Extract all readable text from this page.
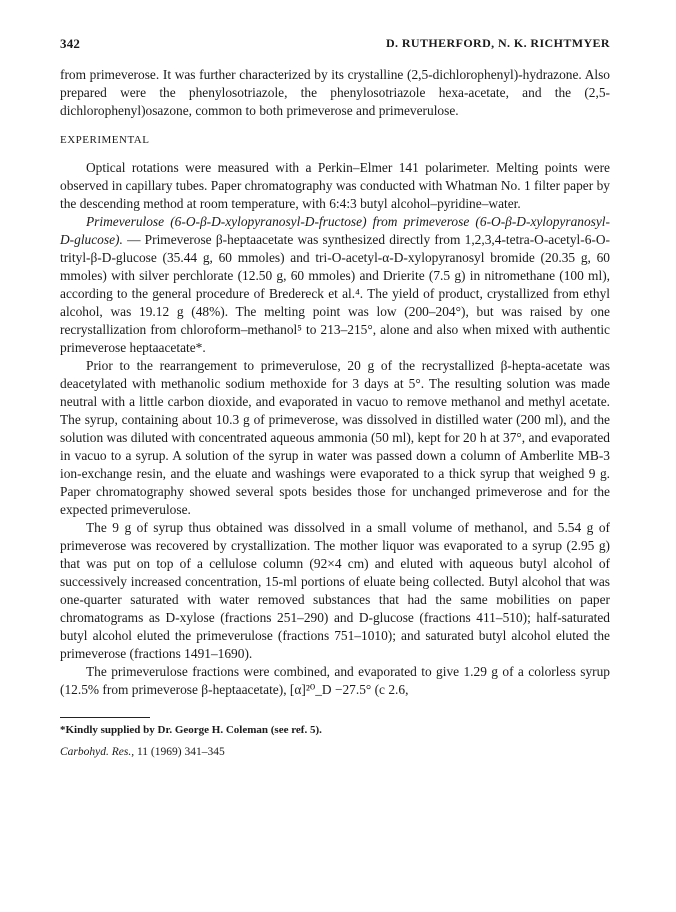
342	D. RUTHERFORD, N. K. RICHTMYER

from primeverose. It was further characterized by its crystalline (2,5-dichlorophenyl)-hydrazone. Also prepared were the phenylosotriazole, the phenylosotriazole hexa-acetate, and the (2,5-dichlorophenyl)osazone, common to both primeverose and primeverulose.

EXPERIMENTAL

Optical rotations were measured with a Perkin–Elmer 141 polarimeter. Melting points were observed in capillary tubes. Paper chromatography was conducted with Whatman No. 1 filter paper by the descending method at room temperature, with 6:4:3 butyl alcohol–pyridine–water.

Primeverulose (6-O-β-D-xylopyranosyl-D-fructose) from primeverose (6-O-β-D-xylopyranosyl-D-glucose). — Primeverose β-heptaacetate was synthesized directly from 1,2,3,4-tetra-O-acetyl-6-O-trityl-β-D-glucose (35.44 g, 60 mmoles) and tri-O-acetyl-α-D-xylopyranosyl bromide (20.35 g, 60 mmoles) with silver perchlorate (12.50 g, 60 mmoles) and Drierite (7.5 g) in nitromethane (100 ml), according to the general procedure of Bredereck et al.⁴. The yield of product, crystallized from ethyl alcohol, was 19.12 g (48%). The melting point was low (200–204°), but was raised by one recrystallization from chloroform–methanol⁵ to 213–215°, alone and also when mixed with authentic primeverose heptaacetate*.

Prior to the rearrangement to primeverulose, 20 g of the recrystallized β-hepta-acetate was deacetylated with methanolic sodium methoxide for 3 days at 5°. The resulting solution was made neutral with a little carbon dioxide, and evaporated in vacuo to remove methanol and methyl acetate. The syrup, containing about 10.3 g of primeverose, was dissolved in distilled water (200 ml), and the solution was diluted with concentrated aqueous ammonia (50 ml), kept for 20 h at 37°, and evaporated in vacuo to a syrup. A solution of the syrup in water was passed down a column of Amberlite MB-3 ion-exchange resin, and the eluate and washings were evaporated to a thick syrup that weighed 9 g. Paper chromatography showed several spots besides those for unchanged primeverose and for the expected primeverulose.

The 9 g of syrup thus obtained was dissolved in a small volume of methanol, and 5.54 g of primeverose was recovered by crystallization. The mother liquor was evaporated to a syrup (2.95 g) that was put on top of a cellulose column (92×4 cm) and eluted with aqueous butyl alcohol of successively increased concentration, 15-ml portions of eluate being collected. Butyl alcohol that was one-quarter saturated with water removed substances that had the same mobilities on paper chromatograms as D-xylose (fractions 251–290) and D-glucose (fractions 411–510); half-saturated butyl alcohol eluted the primeverulose (fractions 751–1010); and saturated butyl alcohol eluted the primeverose (fractions 1491–1690).

The primeverulose fractions were combined, and evaporated to give 1.29 g of a colorless syrup (12.5% from primeverose β-heptaacetate), [α]²⁰_D −27.5° (c 2.6,

*Kindly supplied by Dr. George H. Coleman (see ref. 5).
Carbohyd. Res., 11 (1969) 341–345
